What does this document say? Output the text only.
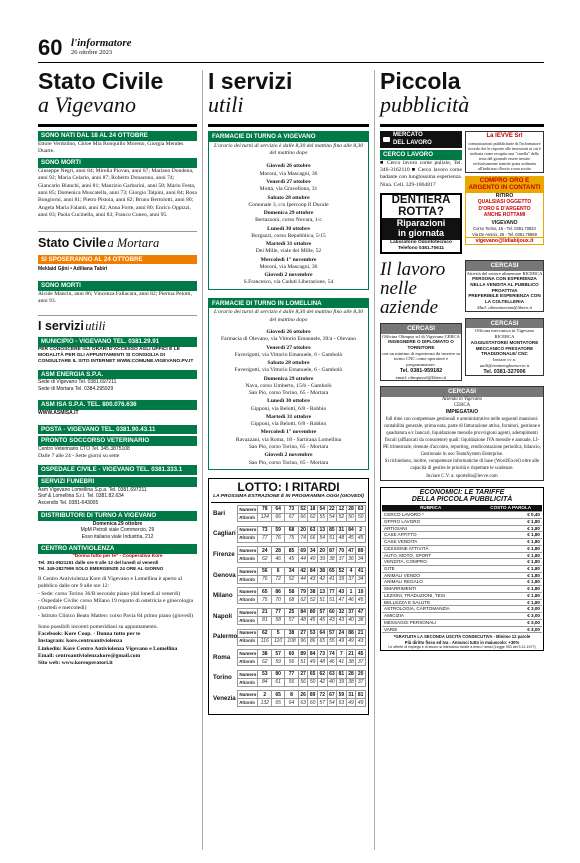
60 l'informatore
26 ottobre 2023
Stato Civile
a Vigevano
SONO NATI DAL 18 AL 24 OTTOBRE
Ettore Verdolino, Chloe Mia Ronquillo Moreno, Giorgia Mendes Duarte.
SONO MORTI
Giuseppe Negri, anni 84; Mirella Piovan, anni 87; Mariano Dondena, anni 92; Maria Celario, anni 87; Roberto Donaceno, anni 74; Giancarlo Bianchi, anni 81; Maurizio Garbarini, anni 58; Mario Festa, anni 85; Domenica Muscatella, anni 73; Giorgio Talpini, anni 84; Rosa Bongiorni, anni 81; Pietro Pistoia, anni 82; Bruno Bertolotti, anni 80; Angela Maria Falanti, anni 82; Anna Forte, anni 80; Enrico Oppizzi, anni 83; Paola Cucinella, anni 83; Franco Cuneo, anni 95.
Stato Civile a Mortara
SI SPOSERANNO AL 24 OTTOBRE
Meklaid Gjini • Adiliana Tabiri
SONO MORTI
Alcide Mancin, anni 86; Vincenza Fallacara, anni 82; Pierina Pelotti, anni 93.
I servizi utili
MUNICIPIO - VIGEVANO TEL. 0381.29.91
PER CONOSCERE GLI ORARI D'ACCESSO AGLI UFFICI E LE MODALITÀ PER GLI APPUNTAMENTI SI CONSIGLIA DI CONSULTARE IL SITO INTERNET WWW.COMUNE.VIGEVANO.PV.IT
ASM ENERGIA S.P.A.
Sede di Vigevano Tel. 0381.697211
Sede di Mortara Tel. 0384.295929
ASM ISA S.P.A. TEL. 800.076.636
WWW.ASMISA.IT
POSTA - VIGEVANO TEL. 0381.90.43.11
PRONTO SOCCORSO VETERINARIO
Centro Veterinario CTO Tel. 345.3875108
Dalle 7 alle 24 - Sette giorni su sette
OSPEDALE CIVILE - VIGEVANO TEL. 0381.333.1
SERVIZI FUNEBRI
Asm Vigevano Lomellina S.p.a. Tel. 0381.697211
Siof & Lomellina S.r.l. Tel. 0381.82.634
Ascendis Tel. 0381-643005
DISTRIBUTORI DI TURNO A VIGEVANO
Domenica 29 ottobre
MpM Petroli viale Commercio, 29
Esso italiana viale Industria, 212
CENTRO ANTIVIOLENZA
"Donna tutto per te" - Cooperativa Kore
Tel. 351-9521151 dalle ore 9 alle 12 del lunedì al venerdì
Tel. 349-2827999 SOLO EMERGENZE 24 ORE AL GIORNO
Il Centro Antiviolenza Kore di Vigevano e Lomellina è aperto al pubblico dalle ore 9 alle ore 12:
- Sede: corso Torino 36/B secondo piano (dal lunedì al venerdì)
- Ospedale Civile: corso Milano 19 reparto di ostetricia e ginecologia (martedì e mercoledì)
- Istituto Clinico Beato Matteo: corso Pavia 84 primo piano (giovedì)
Sono possibili incontri pomeridiani su appuntamento.
Facebook: Kore Coop. · Donna tutto per te
Instagram: kore.centroantiviolenza
Linkedin: Kore Centro Antiviolenza Vigevano e Lomellina
Email: centroantiviolenzakore@gmail.com
Sito web: www.koreoperatori.it
I servizi
utili
FARMACIE DI TURNO A VIGEVANO
L'orario dei turni di servizio è dalle 8,30 del mattino fino alle 8,30 del mattino dopo
Giovedì 26 ottobre
Moroni, via Mascagni, 36
Venerdì 27 ottobre
Motta, via Gravellona, 31
Sabato 28 ottobre
Comunale 3, c/o Ipercoop Il Ducale
Domenica 29 ottobre
Bertazzoni, corso Novara, 1/c
Lunedì 30 ottobre
Borgazzi, corso Repubblica, 5/15
Martedì 31 ottobre
Dei Mille, viale dei Mille, 52
Mercoledì 1° novembre
Moroni, via Mascagni, 36
Giovedì 2 novembre
S.Francesco, via Caduti Liberazione, 54
FARMACIE DI TURNO IN LOMELLINA
L'orario dei turni di servizio è dalle 8,30 del mattino fino alle 8,30 del mattino dopo
Giovedì 26 ottobre
Farmacia di Olevano, via Vittorio Emanuele, 39/a - Olevano
Venerdì 27 ottobre
Faverigotti, via Vittorio Emanuele, 6 - Gambolò
Sabato 28 ottobre
Faverigotti, via Vittorio Emanuele, 6 - Gambolò
Domenica 29 ottobre
Nava, corso Umberto, 15/b - Gambolò
San Pio, corso Torino, 65 - Mortara
Lunedì 30 ottobre
Gipponi, via Belotti, 6/8 - Robbio
Martedì 31 ottobre
Gipponi, via Belotti, 6/8 - Robbio
Mercoledì 1° novembre
Ravazzani, via Roma, 18 - Sartirana Lomellina
San Pio, corso Torino, 65 - Mortara
Giovedì 2 novembre
San Pio, corso Torino, 65 - Mortara
LOTTO: I RITARDI
LA PROSSIMA ESTRAZIONE È IN PROGRAMMA OGGI (GIOVEDÌ)
Bari	Numero	78	64	73	52	18	54	22	12	28	63
	Ritardo	124	66	67	66	62	55	54	52	50	50

Cagliari	Numero	73	59	68	20	63	13	85	31	84	2
	Ritardo	77	76	75	74	66	54	51	48	45	45

Firenze	Numero	24	28	85	69	34	20	87	70	47	89
	Ritardo	62	46	45	44	40	39	38	37	36	34

Genova	Numero	56	6	34	42	84	38	65	52	4	41
	Ritardo	76	72	52	44	43	42	41	39	37	34

Milano	Numero	65	86	58	79	38	13	77	43	1	10
	Ritardo	75	70	68	62	52	51	51	47	46	45

Napoli	Numero	21	77	25	84	80	57	60	32	37	47
	Ritardo	81	58	57	48	45	45	43	43	40	38

Palermo	Numero	62	5	38	27	53	64	57	24	88	21
	Ritardo	116	110	108	96	86	65	55	49	49	43

Roma	Numero	38	57	60	89	84	73	74	7	21	45
	Ritardo	62	59	56	51	49	48	46	41	38	37

Torino	Numero	53	80	77	27	65	62	63	81	28	20
	Ritardo	84	61	56	56	50	42	40	39	38	37

Venezia	Numero	2	65	8	26	89	72	67	59	31	81
	Ritardo	132	65	64	63	60	57	54	53	49	49

Piccola
pubblicità
MERCATO
DEL LAVORO
CERCO LAVORO
■ Cerco lavoro come pulizie, Tel. 346-3162110 ■ Cerco lavoro come badante con lunghissima esperienza. Nina. Cell. 329-1864817
DENTIERA
ROTTA?
Riparazioni
in giornata
Laboratorio Odontotecnico
Telefono 0381.70611
La IEVVE Srl
comunicazioni pubblicitarie di l'informatore ricorda che le risposte alle inserzioni ai cui è indicata come recapito una "casella" della testa del giornale essere inviate esclusivamente tramite posta ordinaria all'indirizzo d'invio e non scritto
COMPRO ORO E
ARGENTO IN CONTANTI
RITIRO
QUALSIASI OGGETTO
D'ORO E D'ARGENTO
ANCHE ROTTAMI
VIGEVANO
Corso Torino, 16 - Tel. 0381.70823
Via De Amicis, 26 - Tel. 0381.75868
vigevano@lidiabijoux.it
Il lavoro
nelle
aziende
CERCASI
Officina Olimpus srl di Vigevano CERCA
INGEGNERE O DIPLOMATO O TORNITORE
con un minimo di esperienza da inserire su tornio CNC come operatore e programmatore.
Tel. 0381-959182
email: olimpussrl@libero.it
CERCASI
Attività del settore alimentare RICERCA
PERSONA CON ESPERIENZA NELLA VENDITA AL PUBBLICO PROATTIVA
PREFERIBILE ESPERIENZA CON LA COLTELLERIA
Mail: ulimentarium@libero.it
CERCASI
Officina meccanica in Vigevano RICERCA
AGGIUSTATORE/ MONTATORE MECCANICO FRESATORE TRADIZIONALE/ CNC
Inviare cv a:
uaili@emmeingbanserve.it
Tel. 0381-327006
CERCASI
Azienda in Vigevano
CERCA
IMPIEGATA/O
full time con competenze gestionali e amministrative nelle seguenti mansioni: contabilità generale, prima nota, parte di fatturazione attiva, fornitori, gestione e quadratura e/c bancari, liquidazione mensile provvigioni agenti, adempimenti fiscali (affiancati da consulente) quali: liquidazione IVA mensile e annuale, LI-PE trimestrale, ritenute d'acconto, reporting, rendicontazione periodica, bilancio,
Gestionale in uso TeamSystem Enterprise.
Si richiedono, inoltre, competenze informatiche di base (Word/Excel) oltre alle capacità di gestire le priorità e rispettare le scadenze.
Inviare C.V. a: sportello@ievve.com
ECONOMICI: LE TARIFFE
DELLA PICCOLA PUBBLICITÀ
RUBRICA	COSTO A PAROLA
CERCO LAVORO *	€ 0,40
OFFRO LAVORO	€ 1,80
ARTIGIANI	€ 1,80
CASE AFFITTO	€ 1,80
CASE VENDITA	€ 1,80
CESSIONE ATTIVITÀ	€ 1,80
AUTO, MOTO, SPORT	€ 1,80
VENDITA, COMPRO	€ 1,80
GITE	€ 1,80
ANIMALI VENDO	€ 1,80
ANIMALI REGALO	€ 1,80
SMARRIMENTI	€ 1,80
LEZIONI, TRADUZIONI, TESI	€ 1,80
BELLEZZA E SALUTE	€ 1,80
ASTROLOGIA, CARTOMANZIA	€ 3,00
AMICIZIA	€ 3,00
MESSAGGI PERSONALI	€ 3,00
VARIE	€ 3,00
*GRATUITA LA SECONDA USCITA CONSECUTIVA - Minimo 12 parole
Più diritto fisso ed Iva - Annunci tutto in maiuscolo: +30%
Le offerte di impiego e di lavoro si intendono rivolte a entro i sessi (Legge 903 del 9.12.1977)
